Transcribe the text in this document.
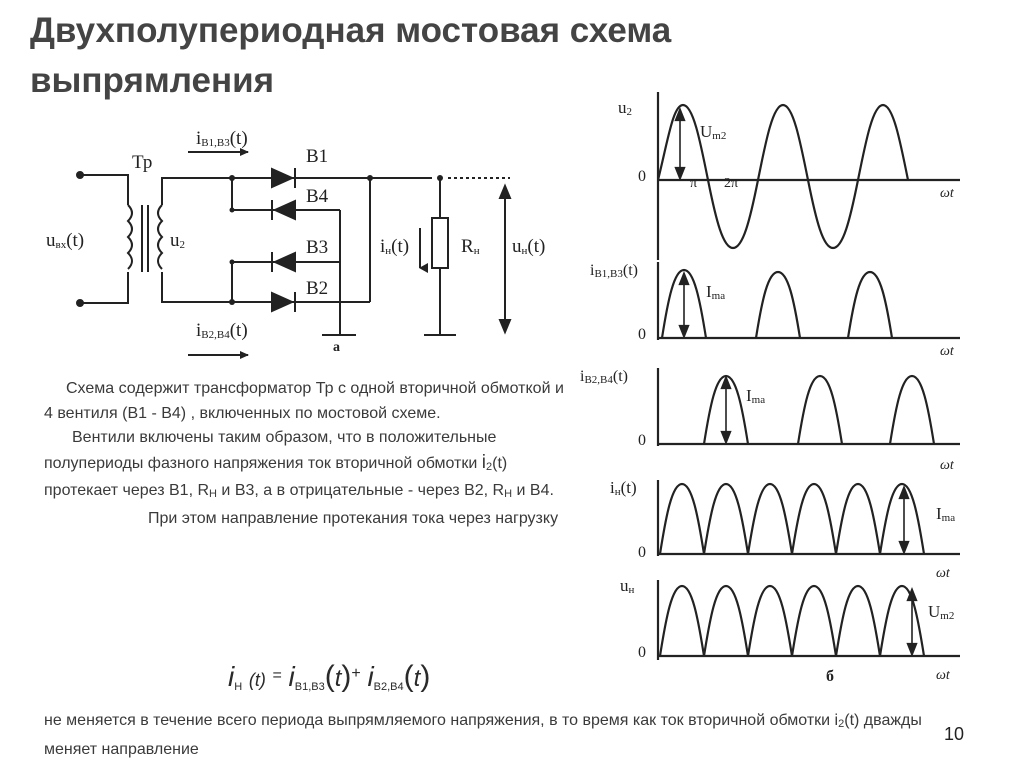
Двухполупериодная мостовая схема выпрямления
iB1,B3(t)
Тр	B1
B4
B3
B2
uвх(t)	u2	iн(t)	Rн uн(t)
iB2,B4(t)
а
u2
Um2
0	π 2π
ωt
iB1,B3(t)
Ima
0
ωt
iB2,B4(t)
Ima
0
ωt
iн(t)
Ima
0
ωt
uн
Um2
0
б	ωt

Схема содержит трансформатор Тр с одной вторичной обмоткой и 4 вентиля (В1 - В4) , включенных по мостовой схеме.

Вентили включены таким образом, что в положительные полупериоды фазного напряжения ток вторичной обмотки i2(t) протекает через В1, RН и В3, а в отрицательные - через В2, RН и В4.

При этом направление протекания тока через нагрузку

iН (t) = iВ1,В3(t)+ iВ2,В4(t)
не меняется в течение всего периода выпрямляемого напряжения, в то время как ток вторичной обмотки i2(t) дважды меняет направление
10
